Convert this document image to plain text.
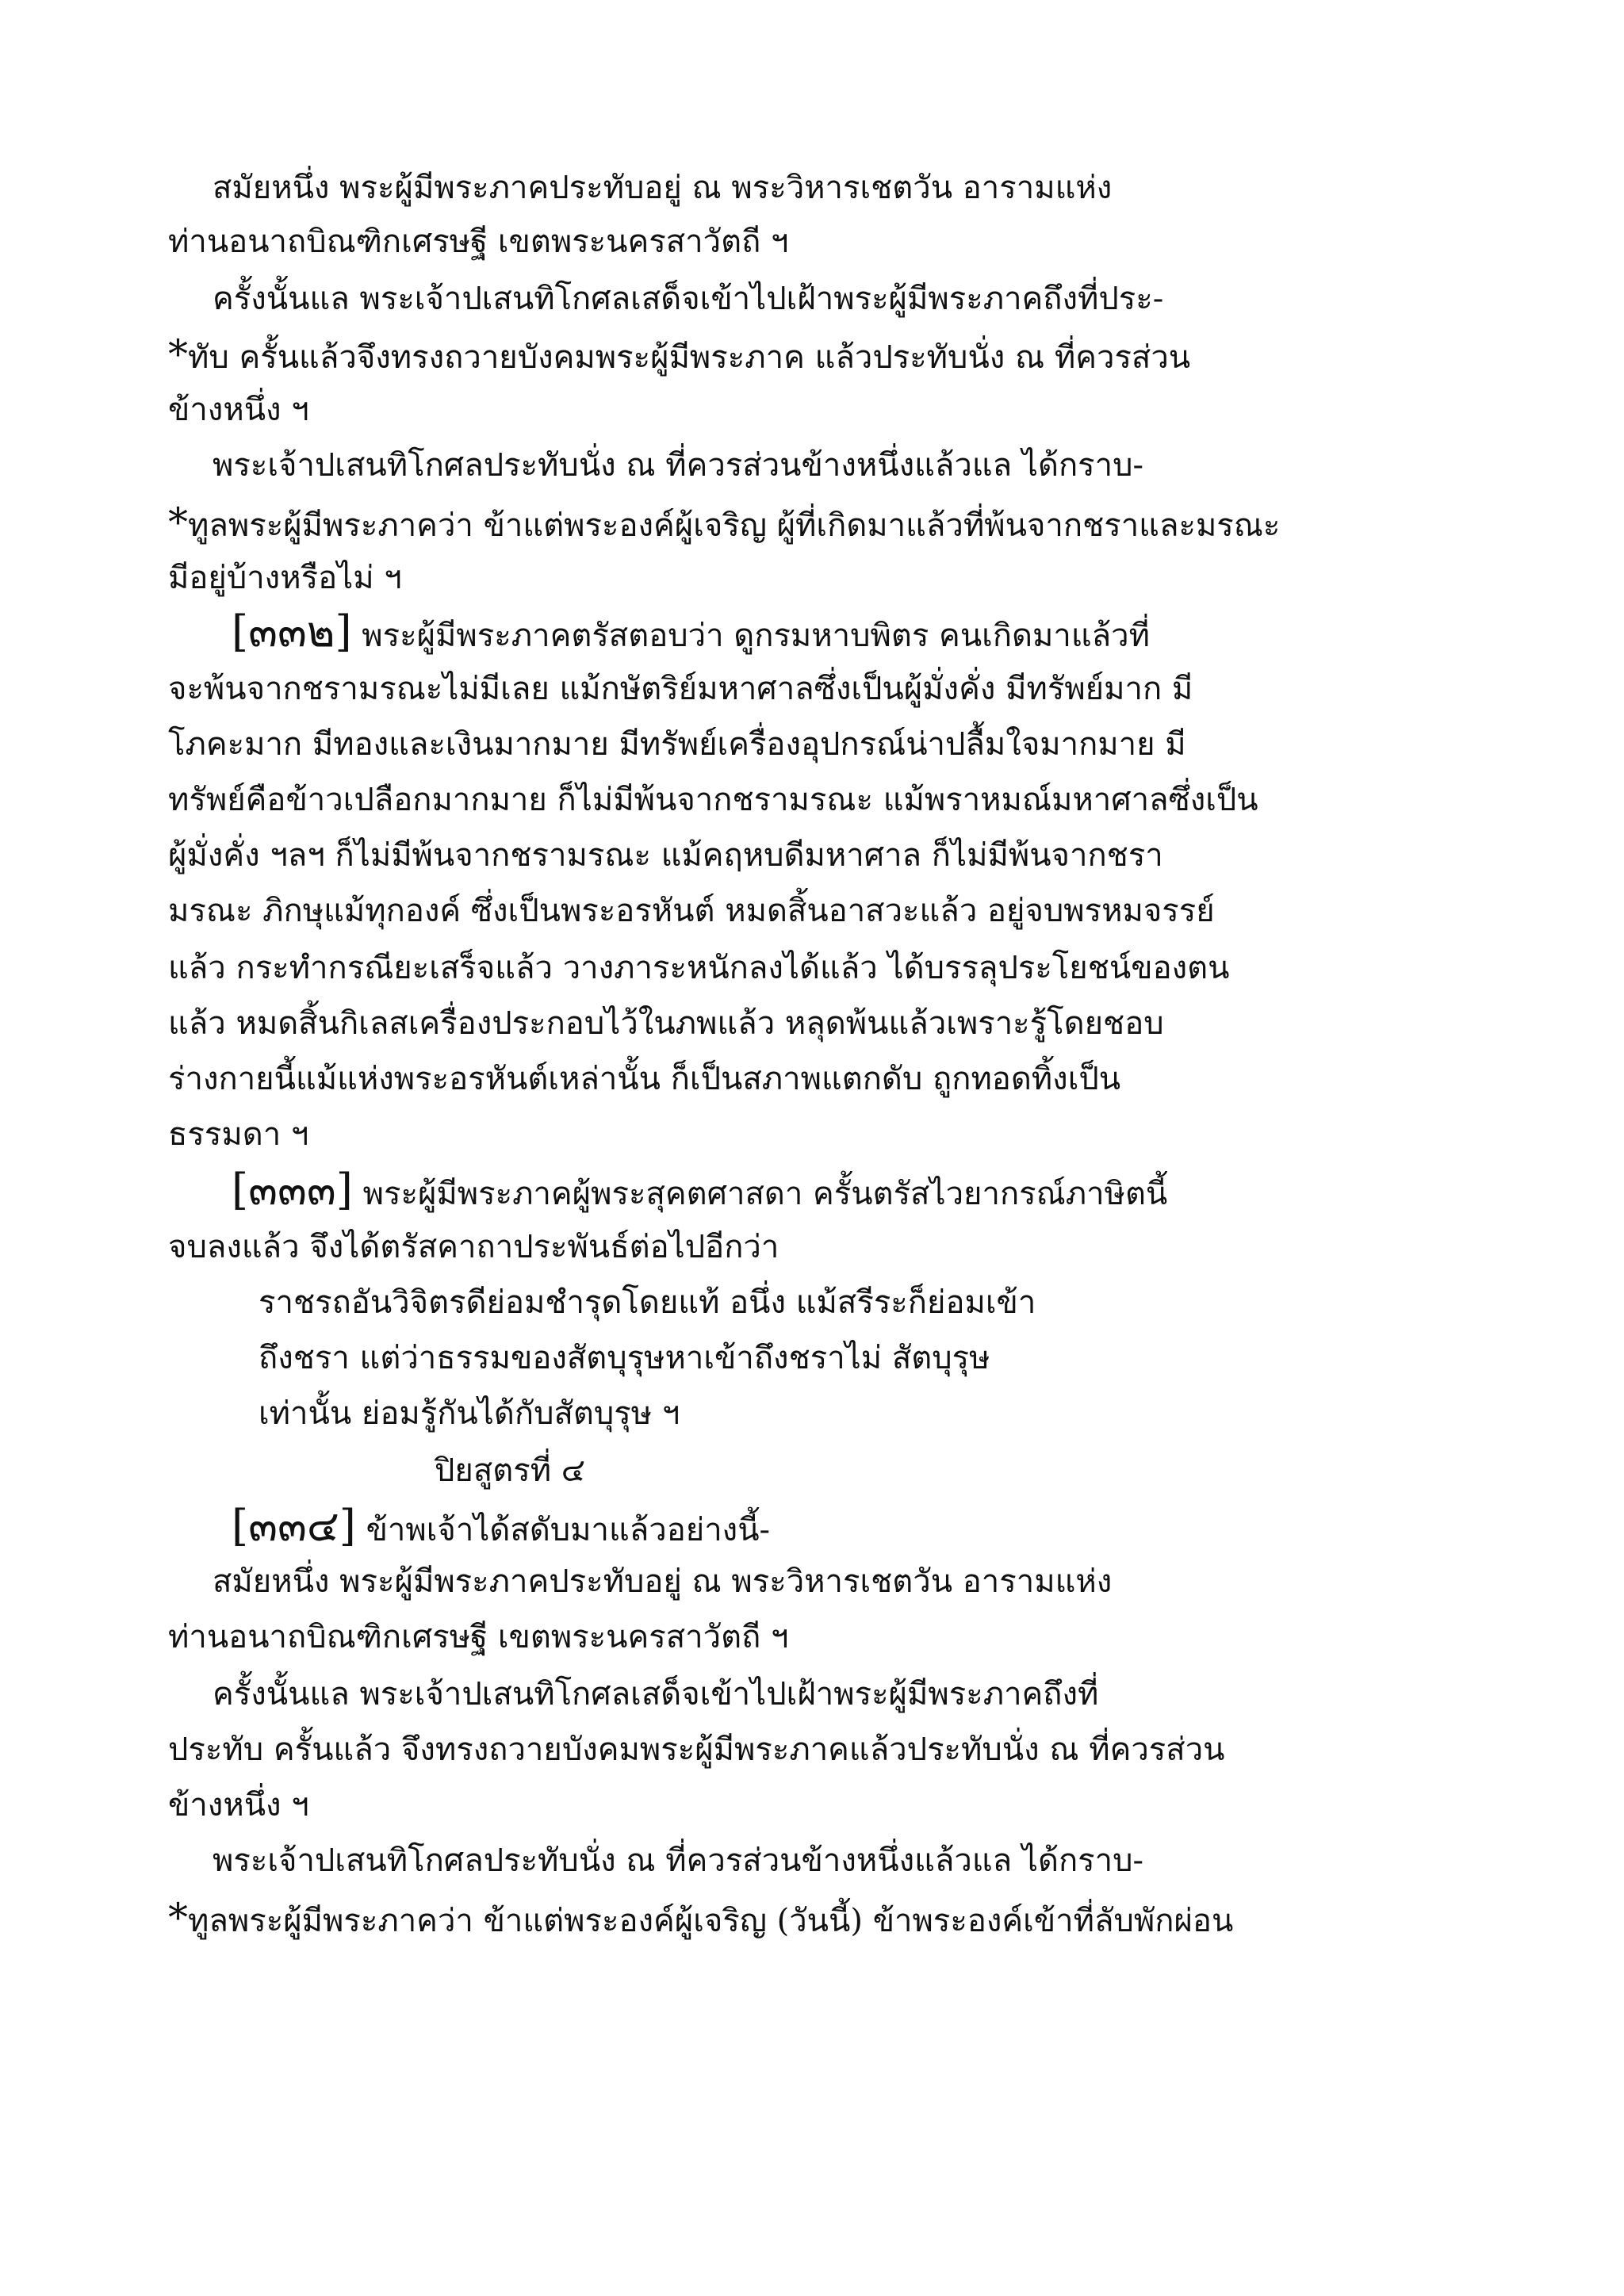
สมัยหนึ่ง พระผู้มีพระภาคประทับอยู่ ณ พระวิหารเชตวัน อารามแห่ง
ท่านอนาถบิณฑิกเศรษฐี เขตพระนครสาวัตถี ฯ
ครั้งนั้นแล พระเจ้าปเสนทิโกศลเสด็จเข้าไปเฝ้าพระผู้มีพระภาคถึงที่ประ-
*ทับ ครั้นแล้วจึงทรงถวายบังคมพระผู้มีพระภาค แล้วประทับนั่ง ณ ที่ควรส่วน
ข้างหนึ่ง ฯ
พระเจ้าปเสนทิโกศลประทับนั่ง ณ ที่ควรส่วนข้างหนึ่งแล้วแล ได้กราบ-
*ทูลพระผู้มีพระภาคว่า ข้าแต่พระองค์ผู้เจริญ ผู้ที่เกิดมาแล้วที่พ้นจากชราและมรณะ
มีอยู่บ้างหรือไม่ ฯ
[๓๓๒] พระผู้มีพระภาคตรัสตอบว่า ดูกรมหาบพิตร คนเกิดมาแล้วที่
จะพ้นจากชรามรณะไม่มีเลย แม้กษัตริย์มหาศาลซึ่งเป็นผู้มั่งคั่ง มีทรัพย์มาก มี
โภคะมาก มีทองและเงินมากมาย มีทรัพย์เครื่องอุปกรณ์น่าปลื้มใจมากมาย มี
ทรัพย์คือข้าวเปลือกมากมาย ก็ไม่มีพ้นจากชรามรณะ แม้พราหมณ์มหาศาลซึ่งเป็น
ผู้มั่งคั่ง ฯลฯ ก็ไม่มีพ้นจากชรามรณะ แม้คฤหบดีมหาศาล ก็ไม่มีพ้นจากชรา
มรณะ ภิกษุแม้ทุกองค์ ซึ่งเป็นพระอรหันต์ หมดสิ้นอาสวะแล้ว อยู่จบพรหมจรรย์
แล้ว กระทำกรณียะเสร็จแล้ว วางภาระหนักลงได้แล้ว ได้บรรลุประโยชน์ของตน
แล้ว หมดสิ้นกิเลสเครื่องประกอบไว้ในภพแล้ว หลุดพ้นแล้วเพราะรู้โดยชอบ
ร่างกายนี้แม้แห่งพระอรหันต์เหล่านั้น ก็เป็นสภาพแตกดับ ถูกทอดทิ้งเป็น
ธรรมดา ฯ
[๓๓๓] พระผู้มีพระภาคผู้พระสุคตศาสดา ครั้นตรัสไวยากรณ์ภาษิตนี้
จบลงแล้ว จึงได้ตรัสคาถาประพันธ์ต่อไปอีกว่า
ราชรถอันวิจิตรดีย่อมชำรุดโดยแท้ อนึ่ง แม้สรีระก็ย่อมเข้า
ถึงชรา แต่ว่าธรรมของสัตบุรุษหาเข้าถึงชราไม่ สัตบุรุษ
เท่านั้น ย่อมรู้กันได้กับสัตบุรุษ ฯ
ปิยสูตรที่ ๔
[๓๓๔] ข้าพเจ้าได้สดับมาแล้วอย่างนี้-
สมัยหนึ่ง พระผู้มีพระภาคประทับอยู่ ณ พระวิหารเชตวัน อารามแห่ง
ท่านอนาถบิณฑิกเศรษฐี เขตพระนครสาวัตถี ฯ
ครั้งนั้นแล พระเจ้าปเสนทิโกศลเสด็จเข้าไปเฝ้าพระผู้มีพระภาคถึงที่
ประทับ ครั้นแล้ว จึงทรงถวายบังคมพระผู้มีพระภาคแล้วประทับนั่ง ณ ที่ควรส่วน
ข้างหนึ่ง ฯ
พระเจ้าปเสนทิโกศลประทับนั่ง ณ ที่ควรส่วนข้างหนึ่งแล้วแล ได้กราบ-
*ทูลพระผู้มีพระภาคว่า ข้าแต่พระองค์ผู้เจริญ (วันนี้) ข้าพระองค์เข้าที่ลับพักผ่อน
